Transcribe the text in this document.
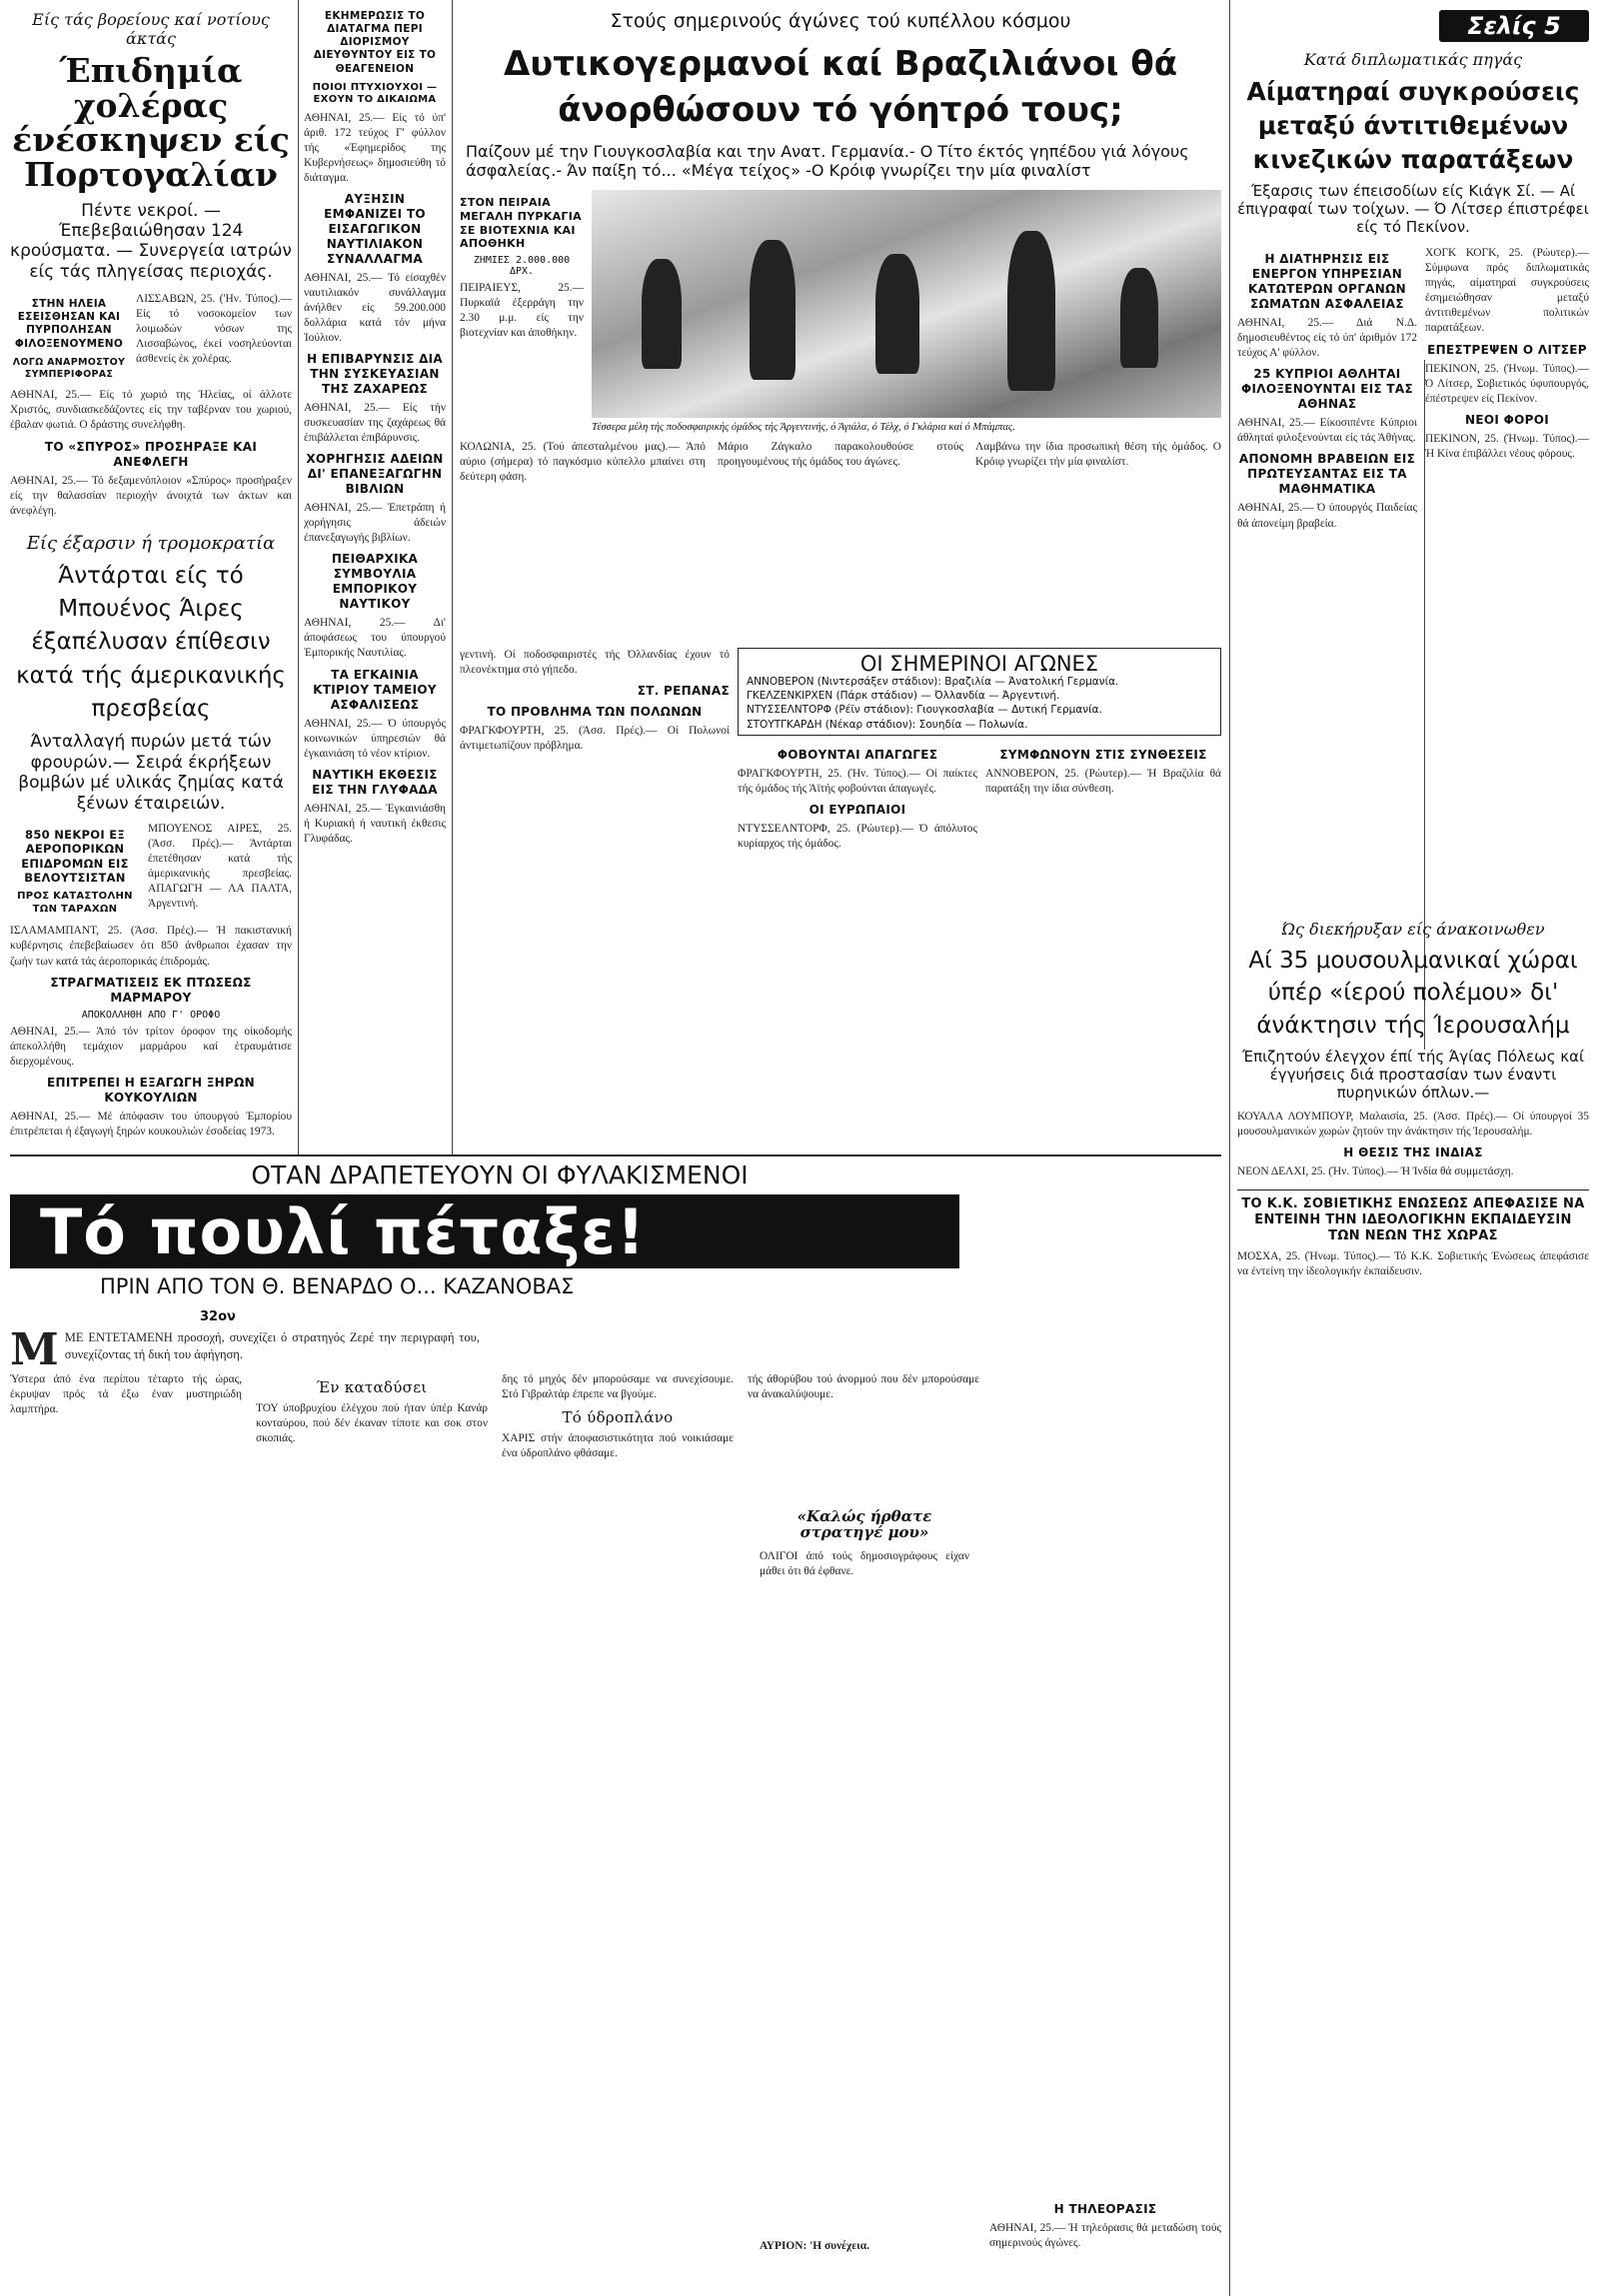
Είς τάς βορείους καί νοτίους άκτάς
Έπιδημία χολέρας ένέσκηψεν είς Πορτογαλίαν
Πέντε νεκροί. — Έπεβεβαιώθησαν 124 κρούσματα. — Συνεργεία ιατρών είς τάς πληγείσας περιοχάς.
ΣΤΗΝ ΗΛΕΙΑ ΕΣΕΙΣΘΗΣΑΝ ΚΑΙ ΠΥΡΠΟΛΗΣΑΝ ΦΙΛΟΞΕΝΟΥΜΕΝΟ
ΛΟΓΩ ΑΝΑΡΜΟΣΤΟΥ ΣΥΜΠΕΡΙΦΟΡΑΣ
ΛΙΣΣΑΒΩΝ, 25. ('Ην. Τύπος).— Είς τό νοσοκομείον των λοιμωδών νόσων της Λισσαβώνος, έκεί νοσηλεύονται άσθενείς έκ χολέρας.
ΑΘΗΝΑΙ, 25.— Είς τό χωριό της Ήλείας, οί άλλοτε Χριστός, συνδιασκεδάζοντες είς την ταβέρναν του χωριού, έβαλαν φωτιά. Ο δράστης συνελήφθη.
ΤΟ «ΣΠΥΡΟΣ» ΠΡΟΣΗΡΑΞΕ ΚΑΙ ΑΝΕΦΛΕΓΗ
ΑΘΗΝΑΙ, 25.— Τό δεξαμενόπλοιον «Σπύρος» προσήραξεν είς την θαλασσίαν περιοχήν άνοιχτά των άκτων και άνεφλέγη.
Είς έξαρσιν ή τρομοκρατία
Άντάρται είς τό Μπουένος Άιρες έξαπέλυσαν έπίθεσιν κατά τής άμερικανικής πρεσβείας
Άνταλλαγή πυρών μετά τών φρουρών.— Σειρά έκρήξεων βομβών μέ υλικάς ζημίας κατά ξένων έταιρειών.
850 ΝΕΚΡΟΙ ΕΞ ΑΕΡΟΠΟΡΙΚΩΝ ΕΠΙΔΡΟΜΩΝ ΕΙΣ ΒΕΛΟΥΤΣΙΣΤΑΝ
ΠΡΟΣ ΚΑΤΑΣΤΟΛΗΝ ΤΩΝ ΤΑΡΑΧΩΝ
ΜΠΟΥΕΝΟΣ ΑΙΡΕΣ, 25. (Άσσ. Πρές).— Άντάρται έπετέθησαν κατά τής άμερικανικής πρεσβείας. ΑΠΑΓΩΓΗ — ΛΑ ΠΑΛΤΑ, Άργεντινή.
ΙΣΛΑΜΑΜΠΑΝΤ, 25. (Άσσ. Πρές).— Ή πακιστανική κυβέρνησις έπεβεβαίωσεν ότι 850 άνθρωποι έχασαν την ζωήν των κατά τάς άεροπορικάς έπιδρομάς.
ΣΤΡΑΓΜΑΤΙΣΕΙΣ ΕΚ ΠΤΩΣΕΩΣ ΜΑΡΜΑΡΟΥ
ΑΠΟΚΟΛΛΗΘΗ ΑΠΟ Γ' ΟΡΟΦΟ
ΑΘΗΝΑΙ, 25.— Άπό τόν τρίτον όροφον της οίκοδομής άπεκολλήθη τεμάχιον μαρμάρου καί έτραυμάτισε διερχομένους.
ΕΠΙΤΡΕΠΕΙ Η ΕΞΑΓΩΓΗ ΞΗΡΩΝ ΚΟΥΚΟΥΛΙΩΝ
ΑΘΗΝΑΙ, 25.— Μέ άπόφασιν του ύπουργού Έμπορίου έπιτρέπεται ή έξαγωγή ξηρών κουκουλιών έσοδείας 1973.
ΕΚΗΜΕΡΩΣΙΣ ΤΟ ΔΙΑΤΑΓΜΑ ΠΕΡΙ ΔΙΟΡΙΣΜΟΥ ΔΙΕΥΘΥΝΤΟΥ ΕΙΣ ΤΟ ΘΕΑΓΕΝΕΙΟΝ
ΠΟΙΟΙ ΠΤΥΧΙΟΥΧΟΙ — ΕΧΟΥΝ ΤΟ ΔΙΚΑΙΩΜΑ
ΑΘΗΝΑΙ, 25.— Είς τό ύπ' άριθ. 172 τεύχος Γ' φύλλον τής «Έφημερίδος της Κυβερνήσεως» δημοσιεύθη τό διάταγμα.
ΑΥΞΗΣΙΝ ΕΜΦΑΝΙΖΕΙ ΤΟ ΕΙΣΑΓΩΓΙΚΟΝ ΝΑΥΤΙΛΙΑΚΟΝ ΣΥΝΑΛΛΑΓΜΑ
ΑΘΗΝΑΙ, 25.— Τό είσαχθέν ναυτιλιακόν συνάλλαγμα άνήλθεν είς 59.200.000 δολλάρια κατά τόν μήνα Ίούλιον.
Η ΕΠΙΒΑΡΥΝΣΙΣ ΔΙΑ ΤΗΝ ΣΥΣΚΕΥΑΣΙΑΝ ΤΗΣ ΖΑΧΑΡΕΩΣ
ΑΘΗΝΑΙ, 25.— Είς τήν συσκευασίαν της ζαχάρεως θά έπιβάλλεται έπιβάρυνσις.
ΧΟΡΗΓΗΣΙΣ ΑΔΕΙΩΝ ΔΙ' ΕΠΑΝΕΞΑΓΩΓΗΝ ΒΙΒΛΙΩΝ
ΑΘΗΝΑΙ, 25.— Έπετράπη ή χορήγησις άδειών έπανεξαγωγής βιβλίων.
ΠΕΙΘΑΡΧΙΚΑ ΣΥΜΒΟΥΛΙΑ ΕΜΠΟΡΙΚΟΥ ΝΑΥΤΙΚΟΥ
ΑΘΗΝΑΙ, 25.— Δι' άποφάσεως του ύπουργού Έμπορικής Ναυτιλίας.
ΤΑ ΕΓΚΑΙΝΙΑ ΚΤΙΡΙΟΥ ΤΑΜΕΙΟΥ ΑΣΦΑΛΙΣΕΩΣ
ΑΘΗΝΑΙ, 25.— Ό ύπουργός κοινωνικών ύπηρεσιών θά έγκαινιάση τό νέον κτίριον.
ΝΑΥΤΙΚΗ ΕΚΘΕΣΙΣ ΕΙΣ ΤΗΝ ΓΛΥΦΑΔΑ
ΑΘΗΝΑΙ, 25.— Έγκαινιάσθη ή Κυριακή ή ναυτική έκθεσις Γλυφάδας.
Στούς σημερινούς άγώνες τού κυπέλλου κόσμου
Δυτικογερμανοί καί Βραζιλιάνοι θά άνορθώσουν τό γόητρό τους;
Παίζουν μέ την Γιουγκοσλαβία και την Ανατ. Γερμανία.- Ο Τίτο έκτός γηπέδου γιά λόγους άσφαλείας.- Άν παίξη τό... «Μέγα τείχος» -Ο Κρόιφ γνωρίζει την μία φιναλίστ
ΣΤΟΝ ΠΕΙΡΑΙΑ ΜΕΓΑΛΗ ΠΥΡΚΑΓΙΑ ΣΕ ΒΙΟΤΕΧΝΙΑ ΚΑΙ ΑΠΟΘΗΚΗ
ΖΗΜΙΕΣ 2.000.000 ΔΡΧ.
ΠΕΙΡΑΙΕΥΣ, 25.— Πυρκαϊά έξερράγη την 2.30 μ.μ. είς την βιοτεχνίαν και άποθήκην.
Τέσσερα μέλη τής ποδοσφαιρικής όμάδος τής Άργεντινής, ό Άγιάλα, ό Τέλχ, ό Γκλάρια καί ό Μπάμπας.
ΚΟΛΩΝΙΑ, 25. (Τού άπεσταλμένου μας).— Άπό αύριο (σήμερα) τό παγκόσμιο κύπελλο μπαίνει στη δεύτερη φάση.
Μάριο Ζάγκαλο παρακολουθούσε στούς προηγουμένους τής όμάδος του άγώνες.
Λαμβάνω την ίδια προσωπική θέση τής όμάδος. Ο Κρόιφ γνωρίζει τήν μία φιναλίστ.
ΟΙ ΣΗΜΕΡΙΝΟΙ ΑΓΩΝΕΣ
ΑΝΝΟΒΕΡΟΝ (Νιντερσάξεν στάδιον): Βραζιλία — Άνατολική Γερμανία.
ΓΚΕΛΖΕΝΚΙΡΧΕΝ (Πάρκ στάδιον) — Όλλανδία — Άργεντινή.
ΝΤΥΣΣΕΛΝΤΟΡΦ (Ρέϊν στάδιον): Γιουγκοσλαβία — Δυτική Γερμανία.
ΣΤΟΥΤΓΚΑΡΔΗ (Νέκαρ στάδιον): Σουηδία — Πολωνία.
γεντινή. Οί ποδοσφαιριστές τής Όλλανδίας έχουν τό πλεονέκτημα στό γήπεδο.
ΣΤ. ΡΕΠΑΝΑΣ
ΤΟ ΠΡΟΒΛΗΜΑ ΤΩΝ ΠΟΛΩΝΩΝ
ΦΡΑΓΚΦΟΥΡΤΗ, 25. (Άσσ. Πρές).— Οί Πολωνοί άντιμετωπίζουν πρόβλημα.
ΦΟΒΟΥΝΤΑΙ ΑΠΑΓΩΓΕΣ
ΦΡΑΓΚΦΟΥΡΤΗ, 25. (Ήν. Τύπος).— Οί παίκτες τής όμάδος τής Άϊτής φοβούνται άπαγωγές.
ΟΙ ΕΥΡΩΠΑΙΟΙ
ΝΤΥΣΣΕΛΝΤΟΡΦ, 25. (Ρώυτερ).— Ό άπόλυτος κυρίαρχος τής όμάδος.
ΣΥΜΦΩΝΟΥΝ ΣΤΙΣ ΣΥΝΘΕΣΕΙΣ
ΑΝΝΟΒΕΡΟΝ, 25. (Ρώυτερ).— Ή Βραζιλία θά παρατάξη την ίδια σύνθεση.
Σελίς 5
Κατά διπλωματικάς πηγάς
Αίματηραί συγκρούσεις μεταξύ άντιτιθεμένων κινεζικών παρατάξεων
Έξαρσις των έπεισοδίων είς Κιάγκ Σί. — Αί έπιγραφαί των τοίχων. — Ό Λίτσερ έπιστρέφει είς τό Πεκίνον.
Η ΔΙΑΤΗΡΗΣΙΣ ΕΙΣ ΕΝΕΡΓΟΝ ΥΠΗΡΕΣΙΑΝ ΚΑΤΩΤΕΡΩΝ ΟΡΓΑΝΩΝ ΣΩΜΑΤΩΝ ΑΣΦΑΛΕΙΑΣ
ΑΘΗΝΑΙ, 25.— Διά Ν.Δ. δημοσιευθέντος είς τό ύπ' άριθμόν 172 τεύχος Α' φύλλον.
25 ΚΥΠΡΙΟΙ ΑΘΛΗΤΑΙ ΦΙΛΟΞΕΝΟΥΝΤΑΙ ΕΙΣ ΤΑΣ ΑΘΗΝΑΣ
ΑΘΗΝΑΙ, 25.— Είκοσιπέντε Κύπριοι άθληταί φιλοξενούνται είς τάς Άθήνας.
ΑΠΟΝΟΜΗ ΒΡΑΒΕΙΩΝ ΕΙΣ ΠΡΩΤΕΥΣΑΝΤΑΣ ΕΙΣ ΤΑ ΜΑΘΗΜΑΤΙΚΑ
ΑΘΗΝΑΙ, 25.— Ό ύπουργός Παιδείας θά άπονείμη βραβεία.
ΧΟΓΚ ΚΟΓΚ, 25. (Ρώυτερ).— Σύμφωνα πρός διπλωματικάς πηγάς, αίματηραί συγκρούσεις έσημειώθησαν μεταξύ άντιτιθεμένων πολιτικών παρατάξεων.
ΕΠΕΣΤΡΕΨΕΝ Ο ΛΙΤΣΕΡ
ΠΕΚΙΝΟΝ, 25. (Ήνωμ. Τύπος).— Ό Λίτσερ, Σοβιετικός ύφυπουργός, έπέστρεψεν είς Πεκίνον.
ΝΕΟΙ ΦΟΡΟΙ
ΠΕΚΙΝΟΝ, 25. (Ήνωμ. Τύπος).— Ή Κίνα έπιβάλλει νέους φόρους.
Ώς διεκήρυξαν είς άνακοινωθεν
Αί 35 μουσουλμανικαί χώραι ύπέρ «ίερού πολέμου» δι' άνάκτησιν τής Ίερουσαλήμ
Έπιζητούν έλεγχον έπί τής Άγίας Πόλεως καί έγγυήσεις διά προστασίαν των έναντι πυρηνικών όπλων.—
ΚΟΥΑΛΑ ΛΟΥΜΠΟΥΡ, Μαλαισία, 25. (Άσσ. Πρές).— Οί ύπουργοί 35 μουσουλμανικών χωρών ζητούν την άνάκτησιν τής Ίερουσαλήμ.
Η ΘΕΣΙΣ ΤΗΣ ΙΝΔΙΑΣ
ΝΕΟΝ ΔΕΛΧΙ, 25. (Ήν. Τύπος).— Ή Ίνδία θά συμμετάσχη.
ΤΟ Κ.Κ. ΣΟΒΙΕΤΙΚΗΣ ΕΝΩΣΕΩΣ ΑΠΕΦΑΣΙΣΕ ΝΑ ΕΝΤΕΙΝΗ ΤΗΝ ΙΔΕΟΛΟΓΙΚΗΝ ΕΚΠΑΙΔΕΥΣΙΝ ΤΩΝ ΝΕΩΝ ΤΗΣ ΧΩΡΑΣ
ΜΟΣΧΑ, 25. (Ήνωμ. Τύπος).— Τό Κ.Κ. Σοβιετικής Ένώσεως άπεφάσισε να έντείνη την ίδεολογικήν έκπαίδευσιν.
ΟΤΑΝ ΔΡΑΠΕΤΕΥΟΥΝ ΟΙ ΦΥΛΑΚΙΣΜΕΝΟΙ
Τό πουλί πέταξε!
ΠΡΙΝ ΑΠΟ ΤΟΝ Θ. ΒΕΝΑΡΔΟ Ο... ΚΑΖΑΝΟΒΑΣ
32ον
ΜΜΕ ΕΝΤΕΤΑΜΕΝΗ προσοχή, συνεχίζει ό στρατηγός Ζερέ την περιγραφή του, συνεχίζοντας τή δική του άφήγηση.
Ύστερα άπό ένα περίπου τέταρτο τής ώρας, έκρυψαν πρός τά έξω έναν μυστηριώδη λαμπτήρα.
Έν καταδύσει
ΤΟΥ ύποβρυχίου έλέγχου πού ήταν ύπέρ Κανάρ κονταύρου, πού δέν έκαναν τίποτε και σοκ στον σκοπιάς.
δης τό μηχός δέν μπορούσαμε να συνεχίσουμε. Στό Γιβραλτάρ έπρεπε να βγούμε.
Τό ύδροπλάνο
ΧΑΡΙΣ στήν άποφασιστικότητα πού νοικιάσαμε ένα ύδροπλάνο φθάσαμε.
τής άθορύβου τού άνορμού που δέν μπορούσαμε να άνακαλύψουμε.
«Καλώς ήρθατε στρατηγέ μου»
ΟΛΙΓΟΙ άπό τούς δημοσιογράφους είχαν μάθει ότι θά έφθανε.
ΑΥΡΙΟΝ: 'Η συνέχεια.
Η ΤΗΛΕΟΡΑΣΙΣ
ΑΘΗΝΑΙ, 25.— Ή τηλεόρασις θά μεταδώση τούς σημερινούς άγώνες.
